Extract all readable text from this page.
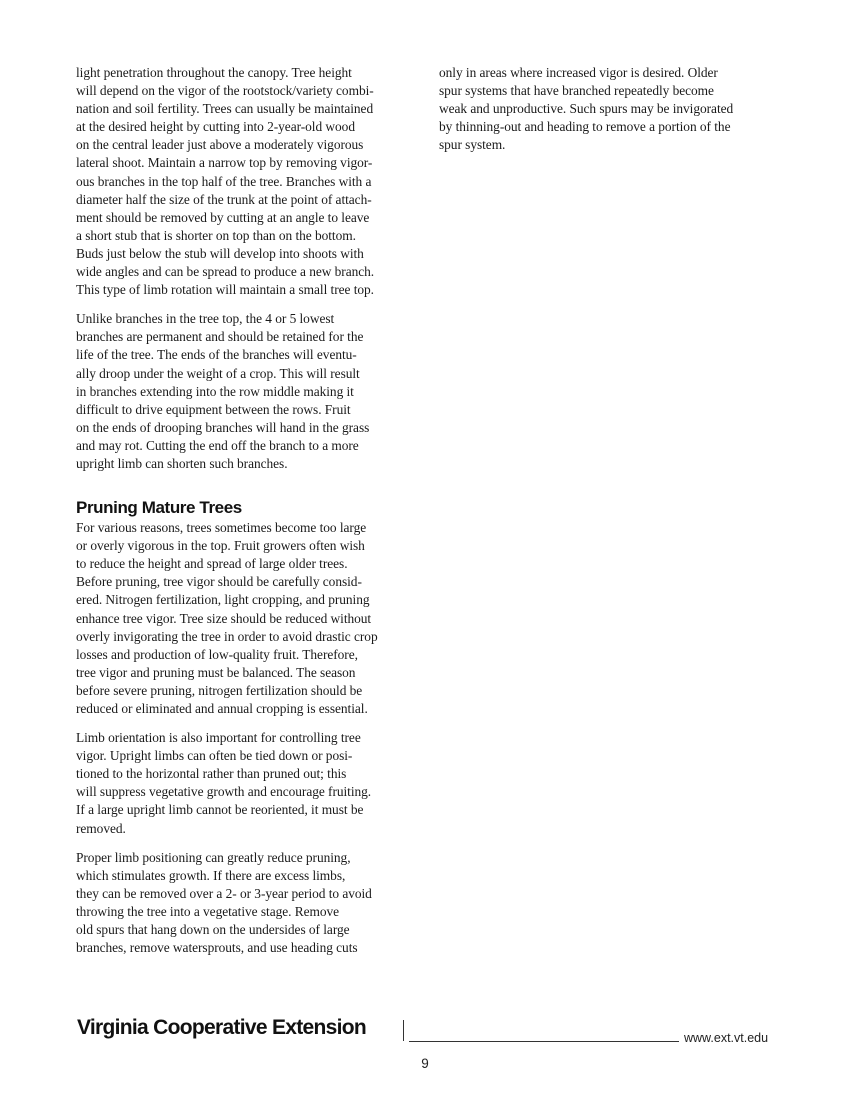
light penetration throughout the canopy. Tree height
will depend on the vigor of the rootstock/variety combi-
nation and soil fertility. Trees can usually be maintained
at the desired height by cutting into 2-year-old wood
on the central leader just above a moderately vigorous
lateral shoot. Maintain a narrow top by removing vigor-
ous branches in the top half of the tree. Branches with a
diameter half the size of the trunk at the point of attach-
ment should be removed by cutting at an angle to leave
a short stub that is shorter on top than on the bottom.
Buds just below the stub will develop into shoots with
wide angles and can be spread to produce a new branch.
This type of limb rotation will maintain a small tree top.
Unlike branches in the tree top, the 4 or 5 lowest
branches are permanent and should be retained for the
life of the tree. The ends of the branches will eventu-
ally droop under the weight of a crop. This will result
in branches extending into the row middle making it
difficult to drive equipment between the rows. Fruit
on the ends of drooping branches will hand in the grass
and may rot. Cutting the end off the branch to a more
upright limb can shorten such branches.
Pruning Mature Trees
For various reasons, trees sometimes become too large
or overly vigorous in the top. Fruit growers often wish
to reduce the height and spread of large older trees.
Before pruning, tree vigor should be carefully consid-
ered. Nitrogen fertilization, light cropping, and pruning
enhance tree vigor. Tree size should be reduced without
overly invigorating the tree in order to avoid drastic crop
losses and production of low-quality fruit. Therefore,
tree vigor and pruning must be balanced. The season
before severe pruning, nitrogen fertilization should be
reduced or eliminated and annual cropping is essential.
Limb orientation is also important for controlling tree
vigor. Upright limbs can often be tied down or posi-
tioned to the horizontal rather than pruned out; this
will suppress vegetative growth and encourage fruiting.
If a large upright limb cannot be reoriented, it must be
removed.
Proper limb positioning can greatly reduce pruning,
which stimulates growth. If there are excess limbs,
they can be removed over a 2- or 3-year period to avoid
throwing the tree into a vegetative stage. Remove
old spurs that hang down on the undersides of large
branches, remove watersprouts, and use heading cuts
only in areas where increased vigor is desired. Older
spur systems that have branched repeatedly become
weak and unproductive. Such spurs may be invigorated
by thinning-out and heading to remove a portion of the
spur system.
Virginia Cooperative Extension	www.ext.vt.edu
9
